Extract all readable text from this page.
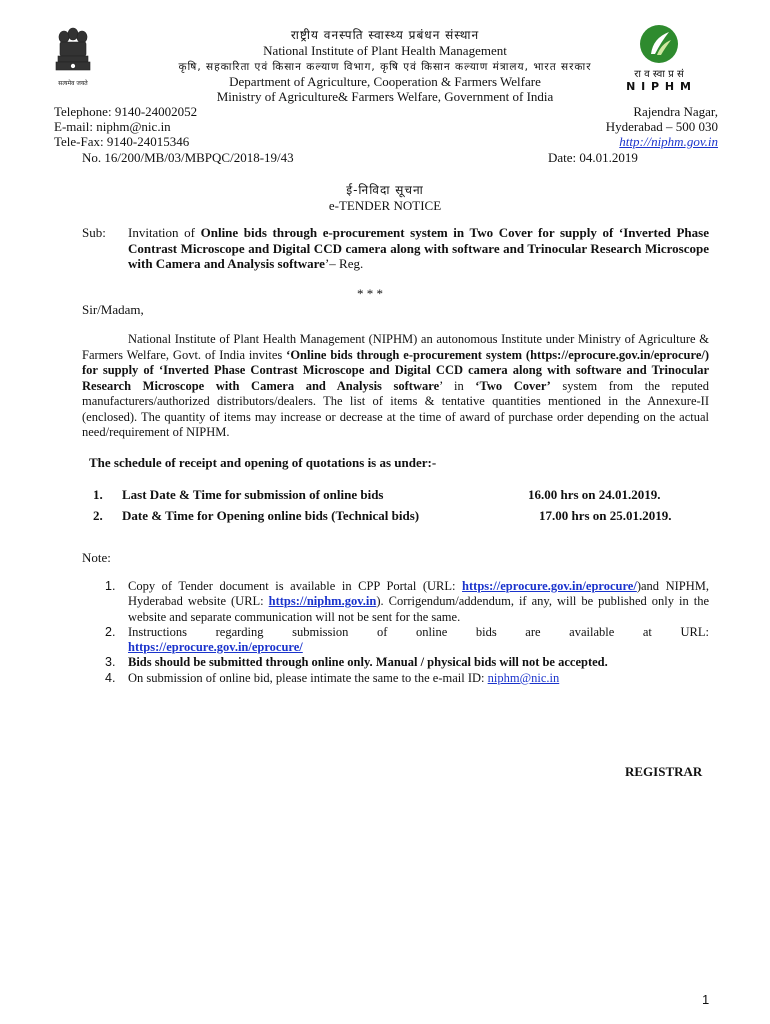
सत्यमेव जयते
राष्ट्रीय वनस्पति स्वास्थ्य प्रबंधन संस्थान
National Institute of Plant Health Management
कृषि, सहकारिता एवं किसान कल्याण विभाग, कृषि एवं किसान कल्याण मंत्रालय, भारत सरकार
Department of Agriculture, Cooperation & Farmers Welfare
Ministry of Agriculture& Farmers Welfare, Government of India
रा व स्वा प्र सं
N I P H M
Telephone: 9140-24002052
E-mail: niphm@nic.in
Tele-Fax: 9140-24015346
Rajendra Nagar,
Hyderabad – 500 030
http://niphm.gov.in
No. 16/200/MB/03/MBPQC/2018-19/43	Date: 04.01.2019
ई-निविदा सूचना
e-TENDER NOTICE
Sub: Invitation of Online bids through e-procurement system in Two Cover for supply of ‘Inverted Phase Contrast Microscope and Digital CCD camera along with software and Trinocular Research Microscope with Camera and Analysis software’– Reg.
* * *
Sir/Madam,
National Institute of Plant Health Management (NIPHM) an autonomous Institute under Ministry of Agriculture & Farmers Welfare, Govt. of India invites ‘Online bids through e-procurement system (https://eprocure.gov.in/eprocure/) for supply of ‘Inverted Phase Contrast Microscope and Digital CCD camera along with software and Trinocular Research Microscope with Camera and Analysis software’ in ‘Two Cover’ system from the reputed manufacturers/authorized distributors/dealers. The list of items & tentative quantities mentioned in the Annexure-II (enclosed). The quantity of items may increase or decrease at the time of award of purchase order depending on the actual need/requirement of NIPHM.
The schedule of receipt and opening of quotations is as under:-
1. Last Date & Time for submission of online bids	16.00 hrs on 24.01.2019.
2. Date & Time for Opening online bids (Technical bids)	17.00 hrs on 25.01.2019.
Note:
1. Copy of Tender document is available in CPP Portal (URL: https://eprocure.gov.in/eprocure/)and NIPHM, Hyderabad website (URL: https://niphm.gov.in). Corrigendum/addendum, if any, will be published only in the website and separate communication will not be sent for the same.
2. Instructions regarding submission of online bids are available at URL: https://eprocure.gov.in/eprocure/
3. Bids should be submitted through online only. Manual / physical bids will not be accepted.
4. On submission of online bid, please intimate the same to the e-mail ID: niphm@nic.in
REGISTRAR
1
